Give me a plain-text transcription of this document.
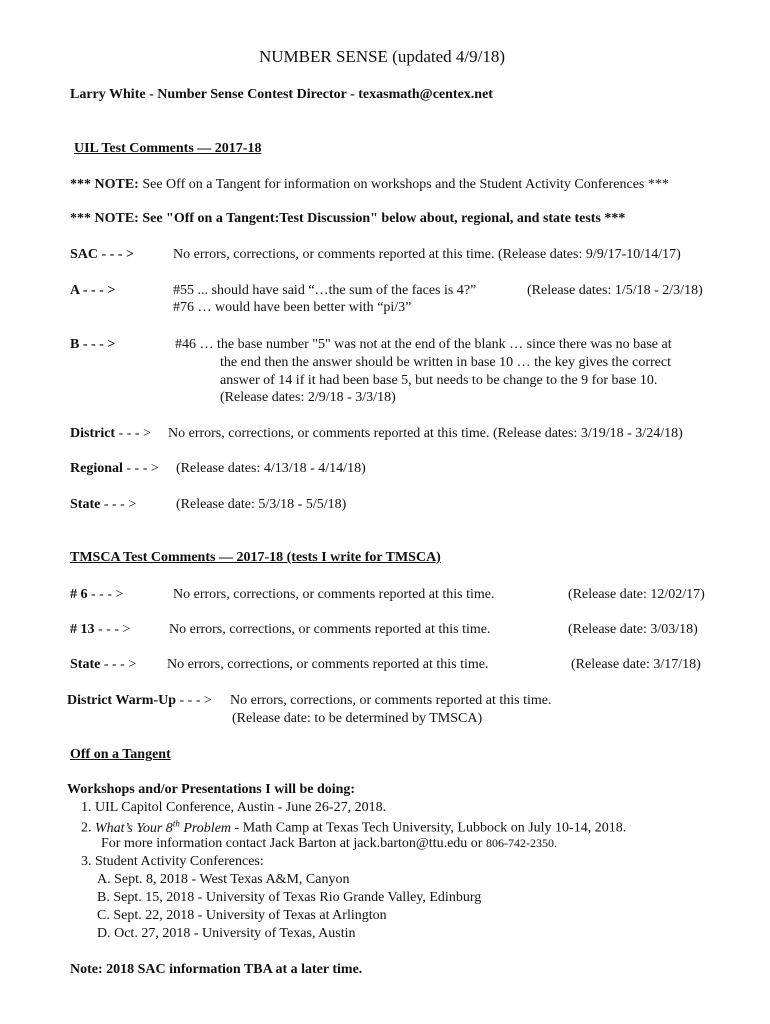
NUMBER SENSE (updated 4/9/18)
Larry White - Number Sense Contest Director - texasmath@centex.net
UIL Test Comments — 2017-18
*** NOTE: See Off on a Tangent for information on workshops and the Student Activity Conferences ***
*** NOTE: See "Off on a Tangent:Test Discussion" below about, regional, and state tests ***
SAC - - - >	No errors, corrections, or comments reported at this time. (Release dates: 9/9/17-10/14/17)
A - - - >	#55 ... should have said “…the sum of the faces is 4?”	(Release dates: 1/5/18 - 2/3/18)
#76 … would have been better with “pi/3”
B - - - >	#46 … the base number "5" was not at the end of the blank … since there was no base at
the end then the answer should be written in base 10 … the key gives the correct
answer of 14 if it had been base 5, but needs to be change to the 9 for base 10.
(Release dates: 2/9/18 - 3/3/18)
District - - - > No errors, corrections, or comments reported at this time. (Release dates: 3/19/18 - 3/24/18)
Regional - - - > (Release dates: 4/13/18 - 4/14/18)
State - - - >	(Release date: 5/3/18 - 5/5/18)
TMSCA Test Comments — 2017-18 (tests I write for TMSCA)
# 6 - - - >	No errors, corrections, or comments reported at this time.	(Release date: 12/02/17)
# 13 - - - >	No errors, corrections, or comments reported at this time.	(Release date: 3/03/18)
State - - - > No errors, corrections, or comments reported at this time.	(Release date: 3/17/18)
District Warm-Up - - - > No errors, corrections, or comments reported at this time.
(Release date: to be determined by TMSCA)
Off on a Tangent
Workshops and/or Presentations I will be doing:
1. UIL Capitol Conference, Austin - June 26-27, 2018.
2. What’s Your 8th Problem - Math Camp at Texas Tech University, Lubbock on July 10-14, 2018.
For more information contact Jack Barton at jack.barton@ttu.edu or 806-742-2350.
3. Student Activity Conferences:
A. Sept. 8, 2018 - West Texas A&M, Canyon
B. Sept. 15, 2018 - University of Texas Rio Grande Valley, Edinburg
C. Sept. 22, 2018 - University of Texas at Arlington
D. Oct. 27, 2018 - University of Texas, Austin
Note: 2018 SAC information TBA at a later time.
